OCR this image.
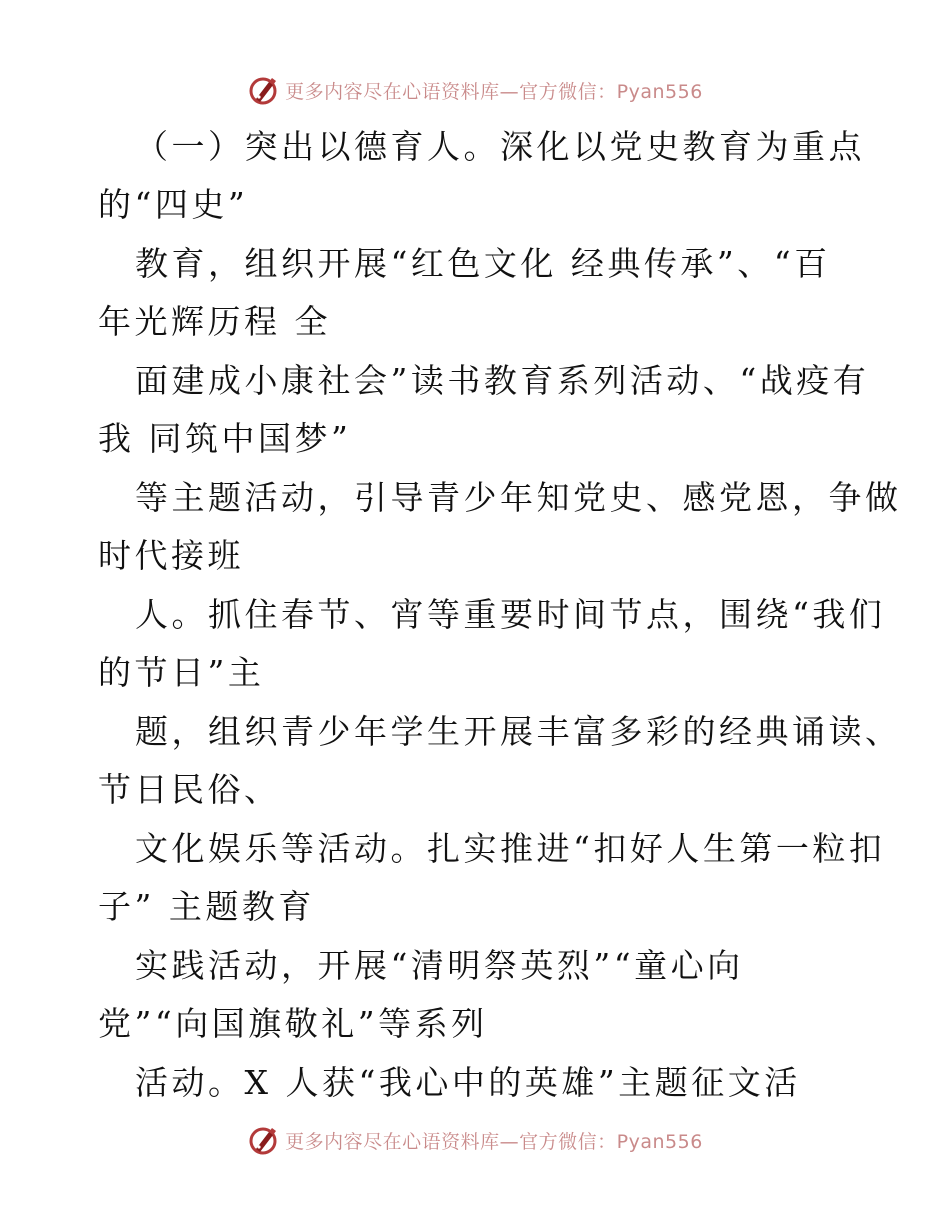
更多内容尽在心语资料库—官方微信：Pyan556
（一）突出以德育人。深化以党史教育为重点
的“四史”
教育，组织开展“红色文化 经典传承”、“百
年光辉历程 全
面建成小康社会”读书教育系列活动、“战疫有
我 同筑中国梦”
等主题活动，引导青少年知党史、感党恩，争做
时代接班
人。抓住春节、宵等重要时间节点，围绕“我们
的节日”主
题，组织青少年学生开展丰富多彩的经典诵读、
节日民俗、
文化娱乐等活动。扎实推进“扣好人生第一粒扣
子” 主题教育
实践活动，开展“清明祭英烈”“童心向
党”“向国旗敬礼”等系列
活动。X 人获“我心中的英雄”主题征文活
更多内容尽在心语资料库—官方微信：Pyan556
